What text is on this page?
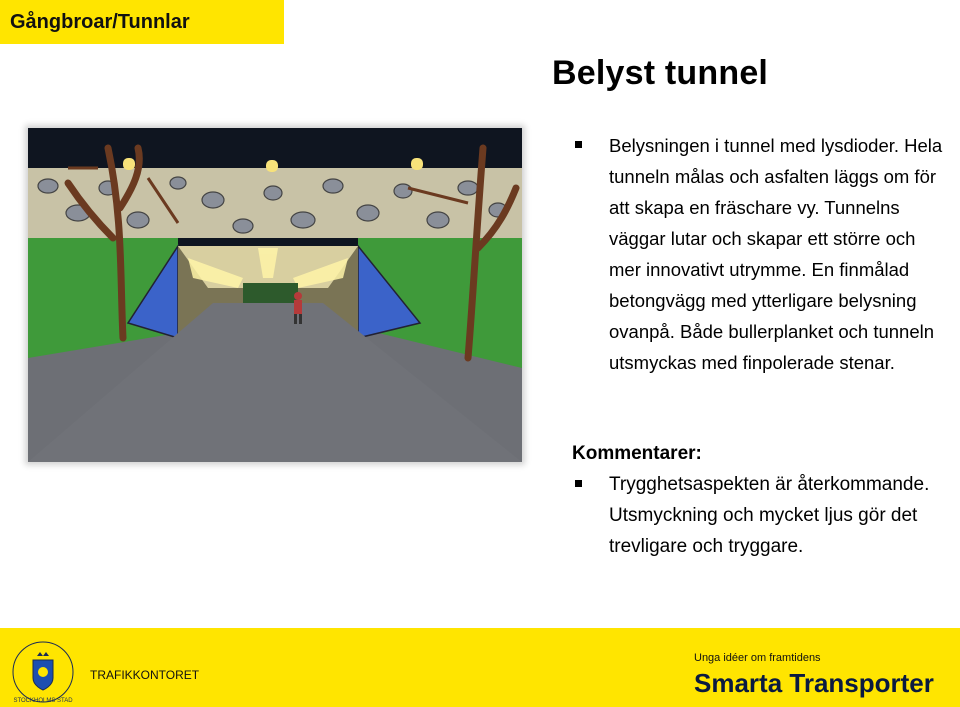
Gångbroar/Tunnlar
Belyst tunnel
Belysningen i tunnel med lysdioder. Hela tunneln målas och asfalten läggs om för att skapa en fräschare vy. Tunnelns väggar lutar och skapar ett större och mer innovativt utrymme. En finmålad betongvägg med ytterligare belysning ovanpå. Både bullerplanket och tunneln utsmyckas med finpolerade stenar.
Kommentarer:
Trygghetsaspekten är återkommande. Utsmyckning och mycket ljus gör det trevligare och tryggare.
STOCKHOLMS STAD
TRAFIKKONTORET
Unga idéer om framtidens
Smarta Transporter
